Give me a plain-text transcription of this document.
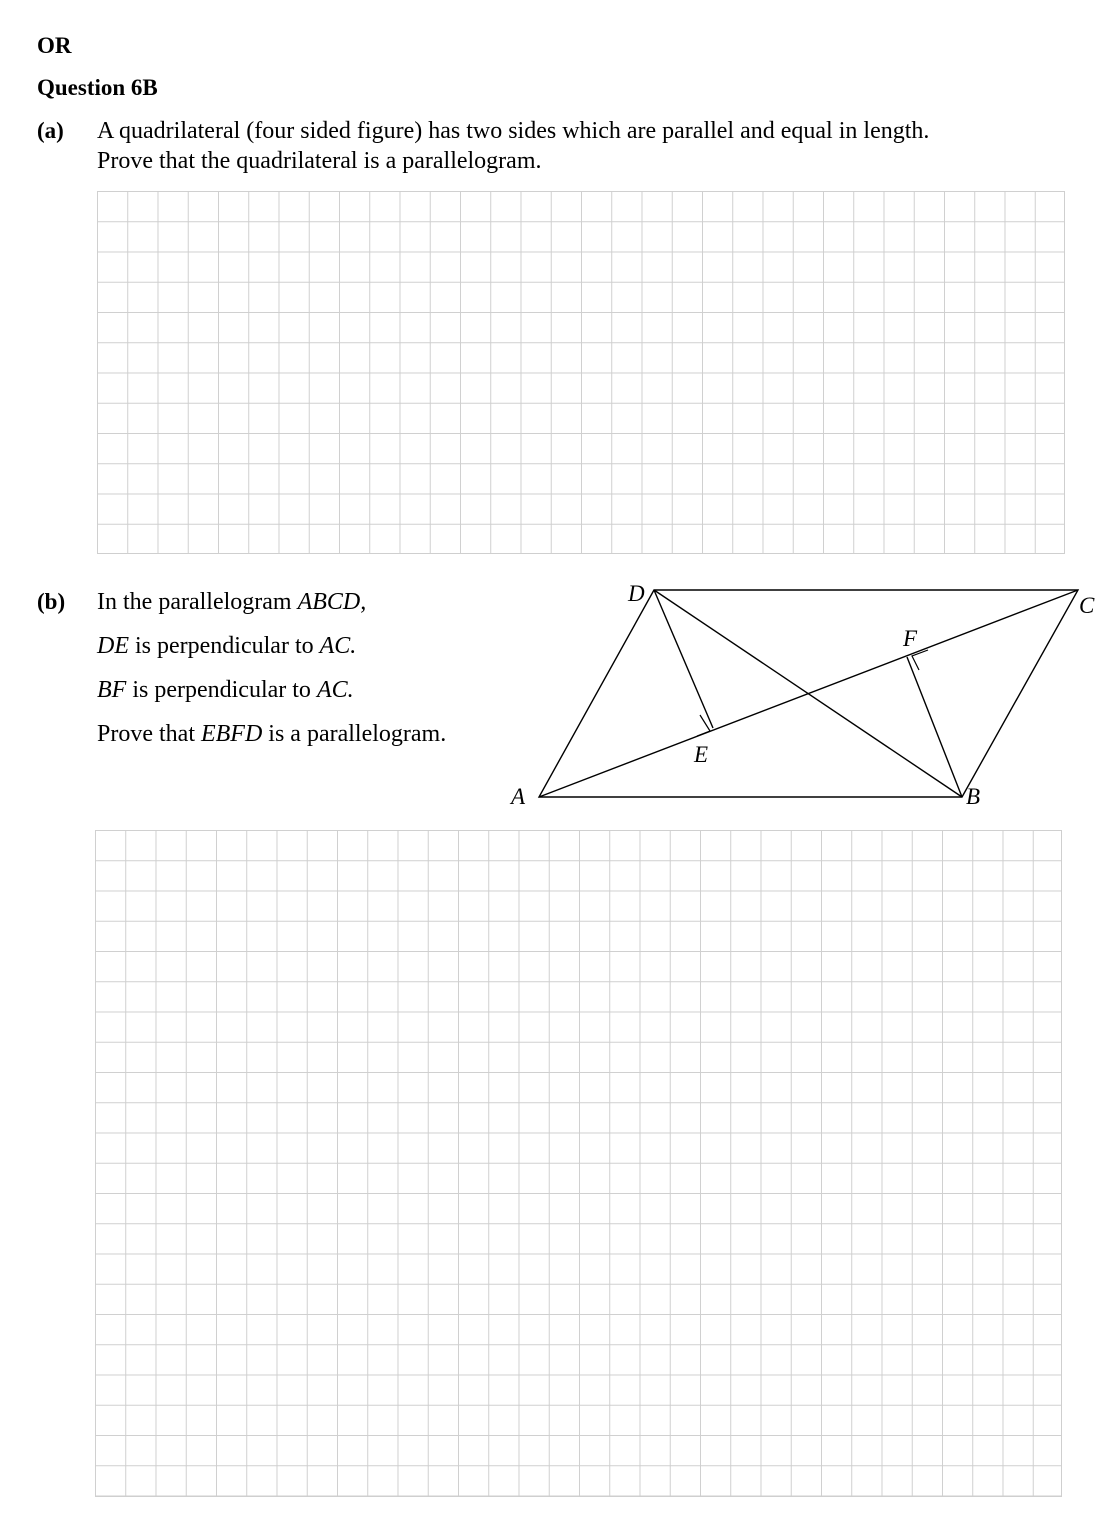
OR
Question 6B
(a) A quadrilateral (four sided figure) has two sides which are parallel and equal in length.
Prove that the quadrilateral is a parallelogram.
(b) In the parallelogram ABCD,
DE is perpendicular to AC.
BF is perpendicular to AC.
Prove that EBFD is a parallelogram.
A	B
C
D
E
F
